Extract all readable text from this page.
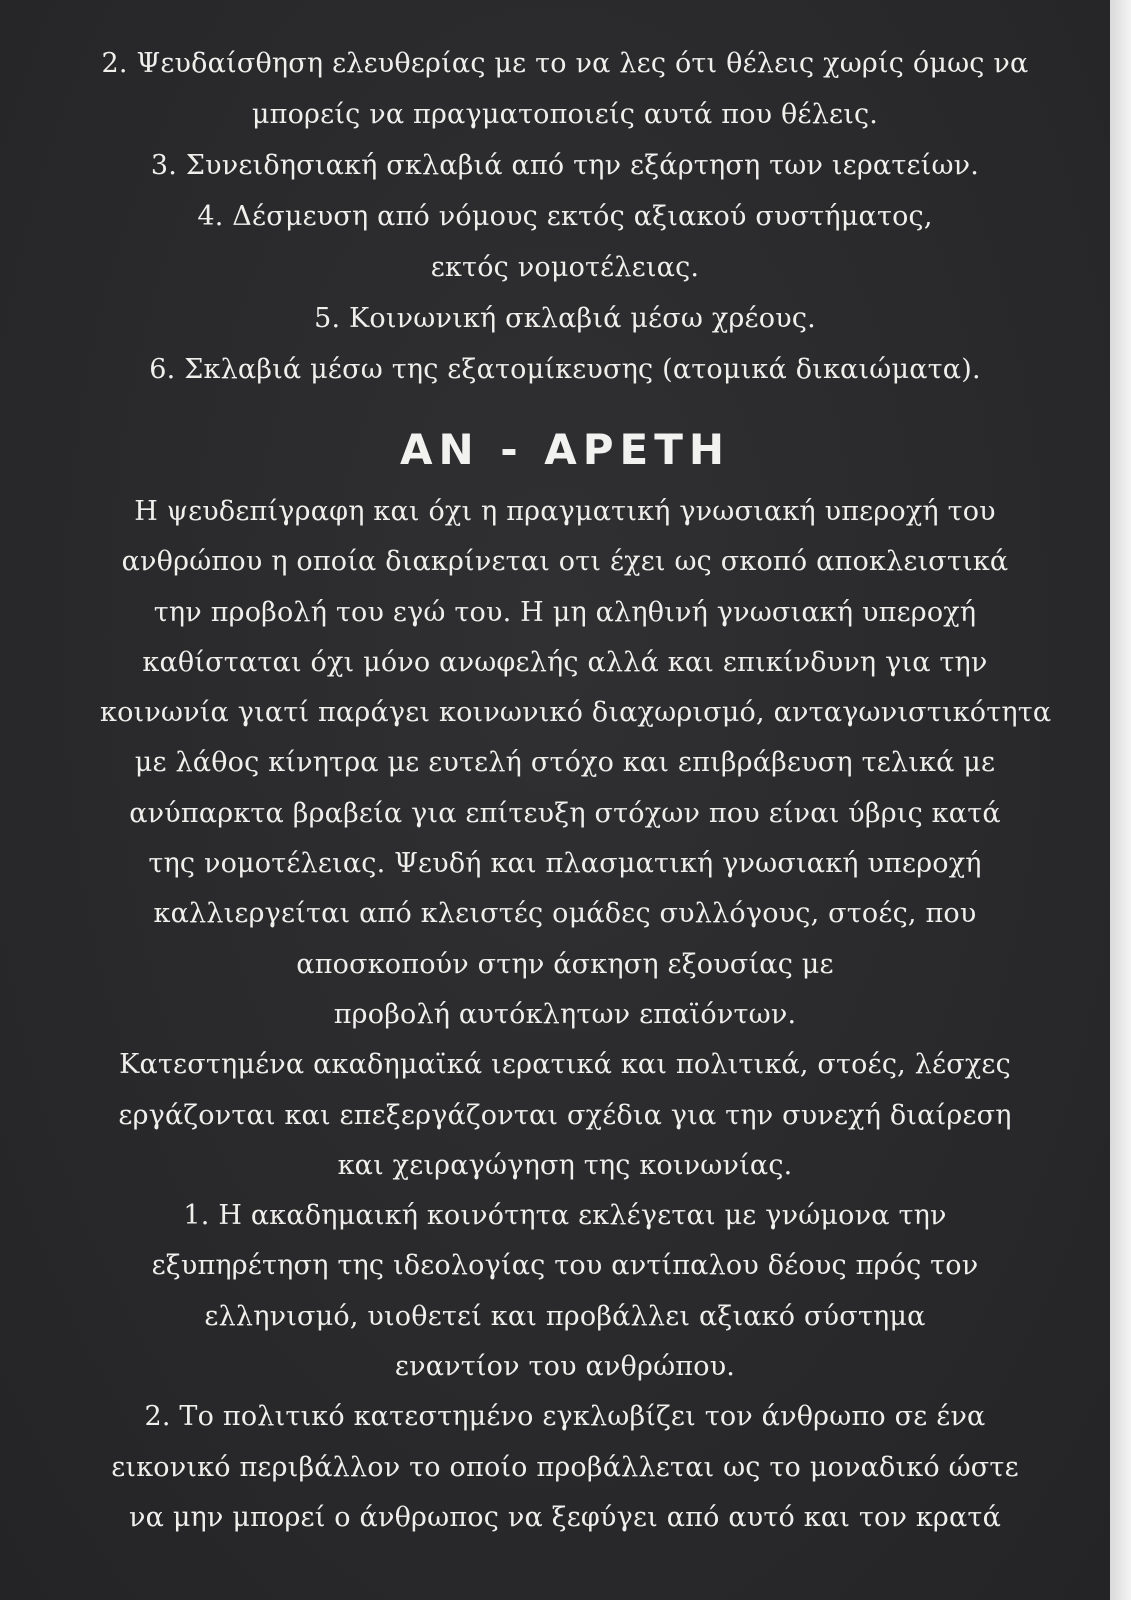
2. Ψευδαίσθηση ελευθερίας με το να λες ότι θέλεις χωρίς όμως να
μπορείς να πραγματοποιείς αυτά που θέλεις.
3. Συνειδησιακή σκλαβιά από την εξάρτηση των ιερατείων.
4. Δέσμευση από νόμους εκτός αξιακού συστήματος,
εκτός νομοτέλειας.
5. Κοινωνική σκλαβιά μέσω χρέους.
6. Σκλαβιά μέσω της εξατομίκευσης (ατομικά δικαιώματα).
ΑΝ - ΑΡΕΤΗ
Η ψευδεπίγραφη και όχι η πραγματική γνωσιακή υπεροχή του
ανθρώπου η οποία διακρίνεται οτι έχει ως σκοπό αποκλειστικά
την προβολή του εγώ του. Η μη αληθινή γνωσιακή υπεροχή
καθίσταται όχι μόνο ανωφελής αλλά και επικίνδυνη για την
κοινωνία γιατί παράγει κοινωνικό διαχωρισμό, ανταγωνιστικότητα
με λάθος κίνητρα με ευτελή στόχο και επιβράβευση τελικά με
ανύπαρκτα βραβεία για επίτευξη στόχων που είναι ύβρις κατά
της νομοτέλειας. Ψευδή και πλασματική γνωσιακή υπεροχή
καλλιεργείται από κλειστές ομάδες συλλόγους, στοές, που
αποσκοπούν στην άσκηση εξουσίας με
προβολή αυτόκλητων επαϊόντων.
Κατεστημένα ακαδημαϊκά ιερατικά και πολιτικά, στοές, λέσχες
εργάζονται και επεξεργάζονται σχέδια για την συνεχή διαίρεση
και χειραγώγηση της κοινωνίας.
1. Η ακαδημαική κοινότητα εκλέγεται με γνώμονα την
εξυπηρέτηση της ιδεολογίας του αντίπαλου δέους πρός τον
ελληνισμό, υιοθετεί και προβάλλει αξιακό σύστημα
εναντίον του ανθρώπου.
2. Το πολιτικό κατεστημένο εγκλωβίζει τον άνθρωπο σε ένα
εικονικό περιβάλλον το οποίο προβάλλεται ως το μοναδικό ώστε
να μην μπορεί ο άνθρωπος να ξεφύγει από αυτό και τον κρατά
